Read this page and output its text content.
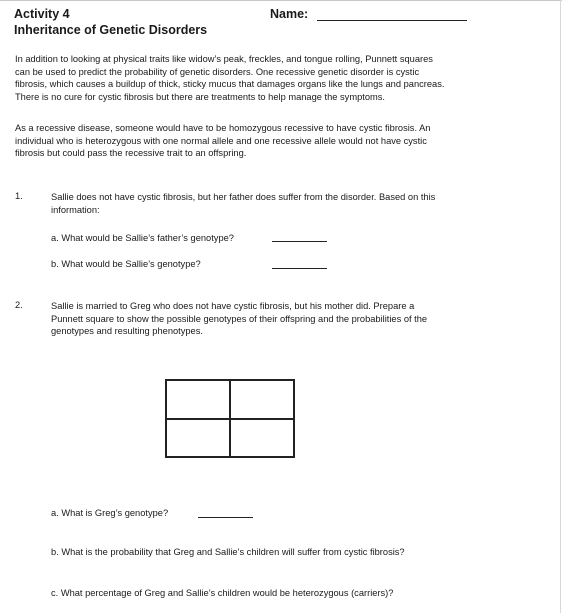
Activity 4
Inheritance of Genetic Disorders
Name:
In addition to looking at physical traits like widow’s peak, freckles, and tongue rolling, Punnett squares
can be used to predict the probability of genetic disorders. One recessive genetic disorder is cystic
fibrosis, which causes a buildup of thick, sticky mucus that damages organs like the lungs and pancreas.
There is no cure for cystic fibrosis but there are treatments to help manage the symptoms.
As a recessive disease, someone would have to be homozygous recessive to have cystic fibrosis. An
individual who is heterozygous with one normal allele and one recessive allele would not have cystic
fibrosis but could pass the recessive trait to an offspring.
1.	Sallie does not have cystic fibrosis, but her father does suffer from the disorder. Based on this
information:
a. What would be Sallie’s father’s genotype?
b. What would be Sallie’s genotype?
2.	Sallie is married to Greg who does not have cystic fibrosis, but his mother did. Prepare a
Punnett square to show the possible genotypes of their offspring and the probabilities of the
genotypes and resulting phenotypes.
a. What is Greg’s genotype?
b. What is the probability that Greg and Sallie’s children will suffer from cystic fibrosis?
c. What percentage of Greg and Sallie’s children would be heterozygous (carriers)?
